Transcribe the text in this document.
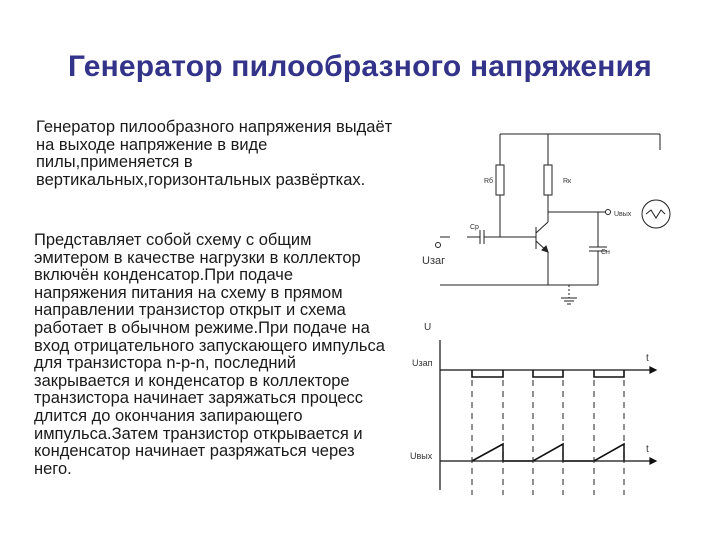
Генератор пилообразного напряжения

Генератор пилообразного напряжения выдаёт на выходе напряжение в виде пилы,применяется в вертикальных,горизонтальных развёртках.

Представляет собой схему с общим эмитером в качестве нагрузки в коллектор включён конденсатор.При подаче напряжения питания на схему в прямом направлении транзистор открыт и схема работает в обычном режиме.При подаче на вход отрицательного запускающего импульса для транзистора n-p-n, последний закрывается и конденсатор в коллекторе транзистора начинает заряжаться процесс длится до окончания запирающего импульса.Затем транзистор открывается и конденсатор начинает разряжаться через него.

Rб	Rк
Cp
Cн
Uвых
Uзаг
U
t
t
Uзап
Uвых
